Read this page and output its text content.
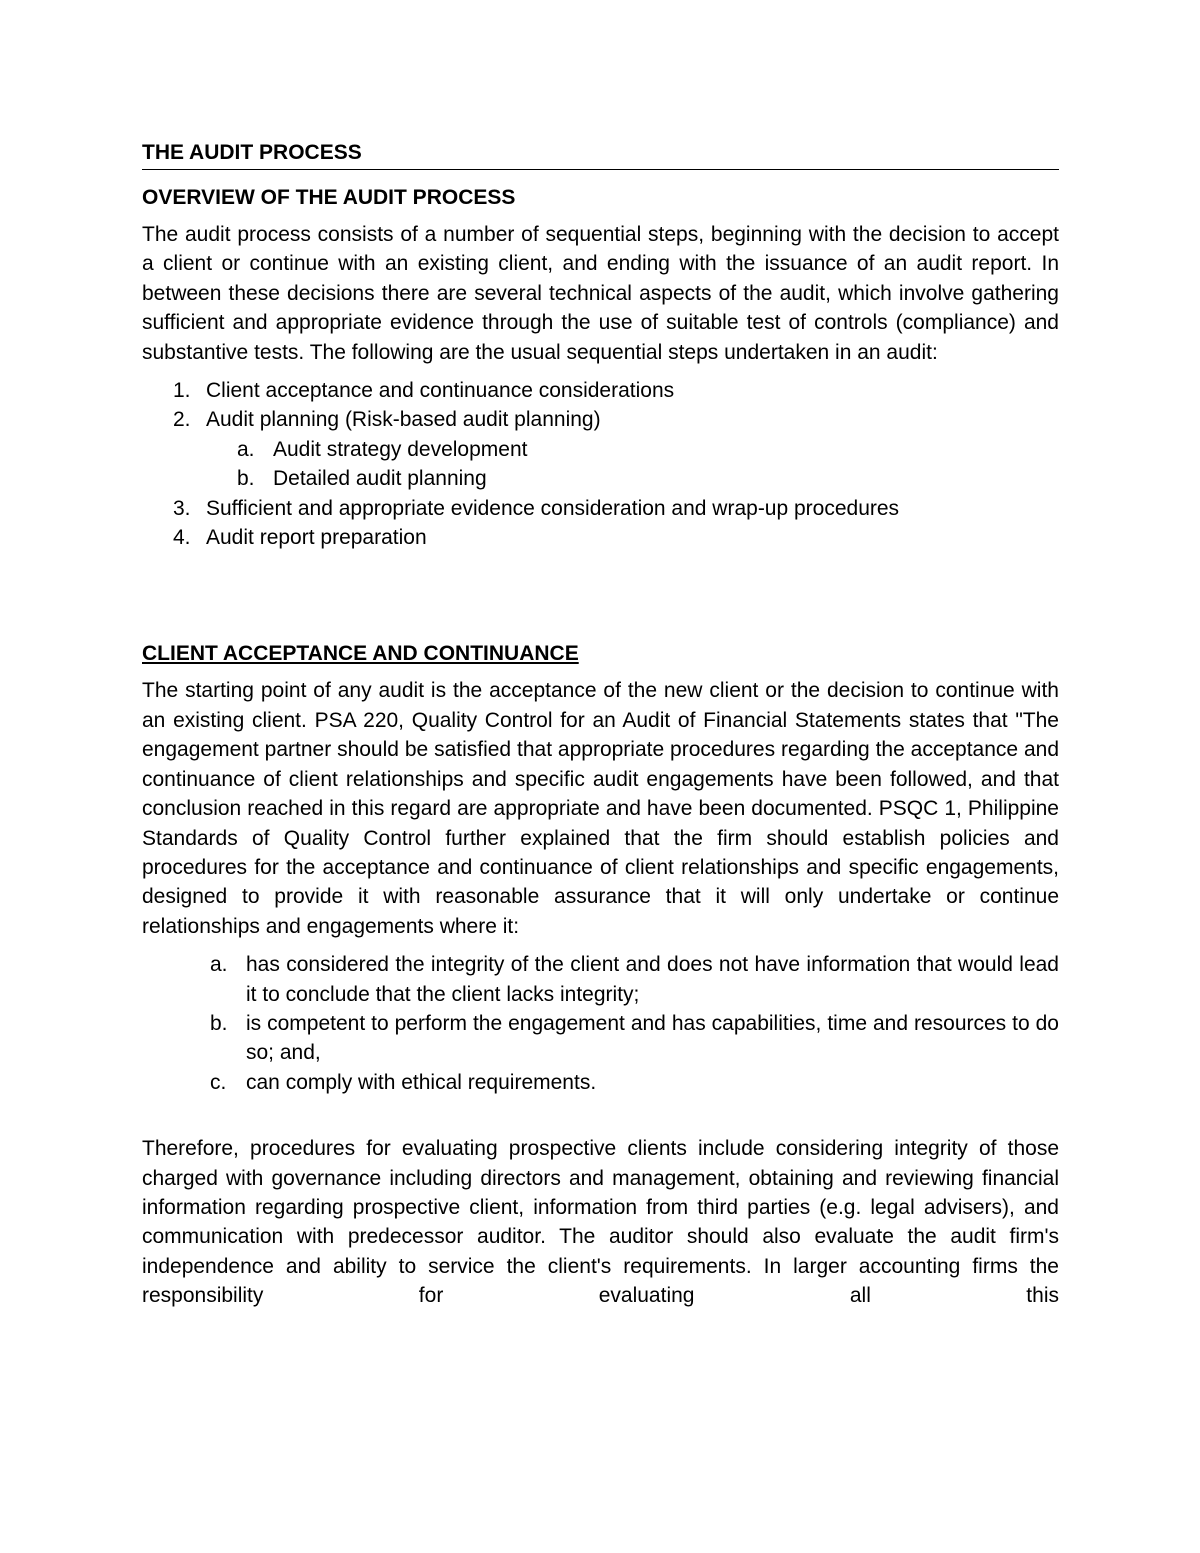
THE AUDIT PROCESS
OVERVIEW OF THE AUDIT PROCESS

The audit process consists of a number of sequential steps, beginning with the decision to accept a client or continue with an existing client, and ending with the issuance of an audit report. In between these decisions there are several technical aspects of the audit, which involve gathering sufficient and appropriate evidence through the use of suitable test of controls (compliance) and substantive tests. The following are the usual sequential steps undertaken in an audit:

1. Client acceptance and continuance considerations
2. Audit planning (Risk-based audit planning)
a. Audit strategy development
b. Detailed audit planning
3. Sufficient and appropriate evidence consideration and wrap-up procedures
4. Audit report preparation
CLIENT ACCEPTANCE AND CONTINUANCE

The starting point of any audit is the acceptance of the new client or the decision to continue with an existing client. PSA 220, Quality Control for an Audit of Financial Statements states that "The engagement partner should be satisfied that appropriate procedures regarding the acceptance and continuance of client relationships and specific audit engagements have been followed, and that conclusion reached in this regard are appropriate and have been documented. PSQC 1, Philippine Standards of Quality Control further explained that the firm should establish policies and procedures for the acceptance and continuance of client relationships and specific engagements, designed to provide it with reasonable assurance that it will only undertake or continue relationships and engagements where it:

a. has considered the integrity of the client and does not have information that would lead it to conclude that the client lacks integrity;
b. is competent to perform the engagement and has capabilities, time and resources to do so; and,
c. can comply with ethical requirements.

Therefore, procedures for evaluating prospective clients include considering integrity of those charged with governance including directors and management, obtaining and reviewing financial information regarding prospective client, information from third parties (e.g. legal advisers), and communication with predecessor auditor. The auditor should also evaluate the audit firm's independence and ability to service the client's requirements. In larger accounting firms the responsibility for evaluating all this
